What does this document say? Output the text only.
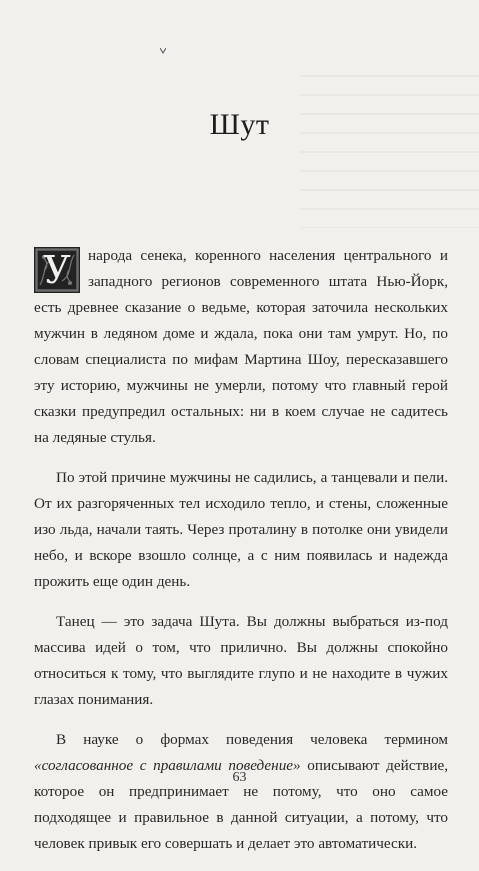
Шут

У	народа сенека, коренного населения центрального и западного регионов современного штата Нью-Йорк, есть древнее сказание о ведьме, которая заточила нескольких мужчин в ледяном доме и ждала, пока они там умрут. Но, по словам специалиста по мифам Мартина Шоу, пересказавшего эту историю, мужчины не умерли, потому что главный герой сказки предупредил остальных: ни в коем случае не садитесь на ледяные стулья.

По этой причине мужчины не садились, а танцевали и пели. От их разгоряченных тел исходило тепло, и стены, сложенные изо льда, начали таять. Через проталину в потолке они увидели небо, и вскоре взошло солнце, а с ним появилась и надежда прожить еще один день.

Танец — это задача Шута. Вы должны выбраться из-под массива идей о том, что прилично. Вы должны спокойно относиться к тому, что выглядите глупо и не находите в чужих глазах понимания.

В науке о формах поведения человека термином «согласованное с правилами поведение» описывают действие, которое он предпринимает не потому, что оно самое подходящее и правильное в данной ситуации, а потому, что человек привык его совершать и делает это автоматически.

63
